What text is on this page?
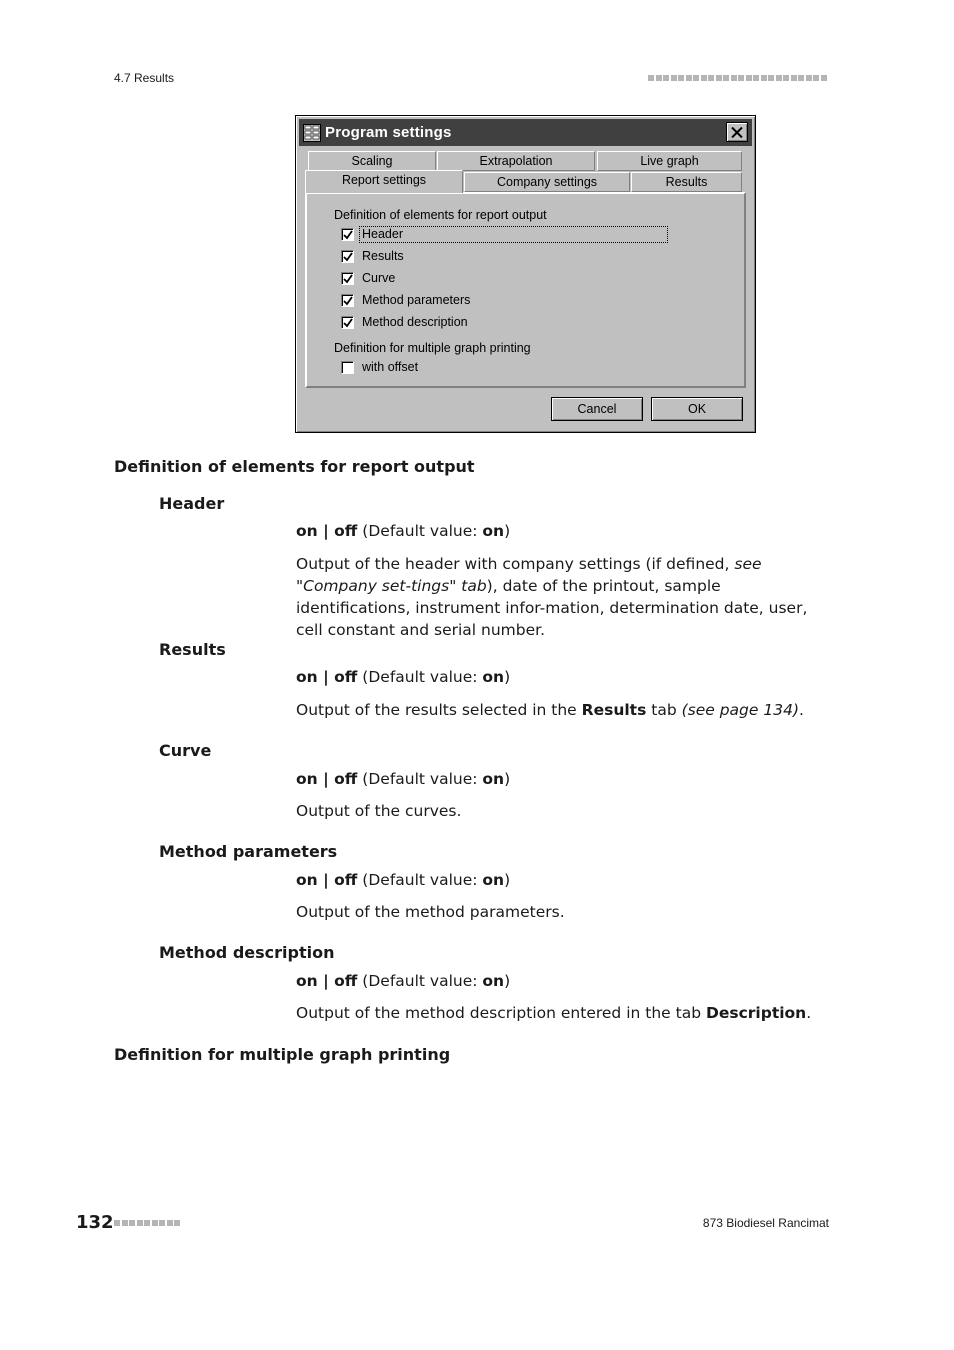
4.7 Results
Program settings
Scaling	Extrapolation	Live graph
Report settings	Company settings	Results
Definition of elements for report output
Header
Results
Curve
Method parameters
Method description
Definition for multiple graph printing
with offset
Cancel	OK
Definition of elements for report output
Header
on | off (Default value: on)
Output of the header with company settings (if defined, see "Company set-tings" tab), date of the printout, sample identifications, instrument infor-mation, determination date, user, cell constant and serial number.
Results
on | off (Default value: on)
Output of the results selected in the Results tab (see page 134).
Curve
on | off (Default value: on)
Output of the curves.
Method parameters
on | off (Default value: on)
Output of the method parameters.
Method description
on | off (Default value: on)
Output of the method description entered in the tab Description.
Definition for multiple graph printing
132	873 Biodiesel Rancimat
